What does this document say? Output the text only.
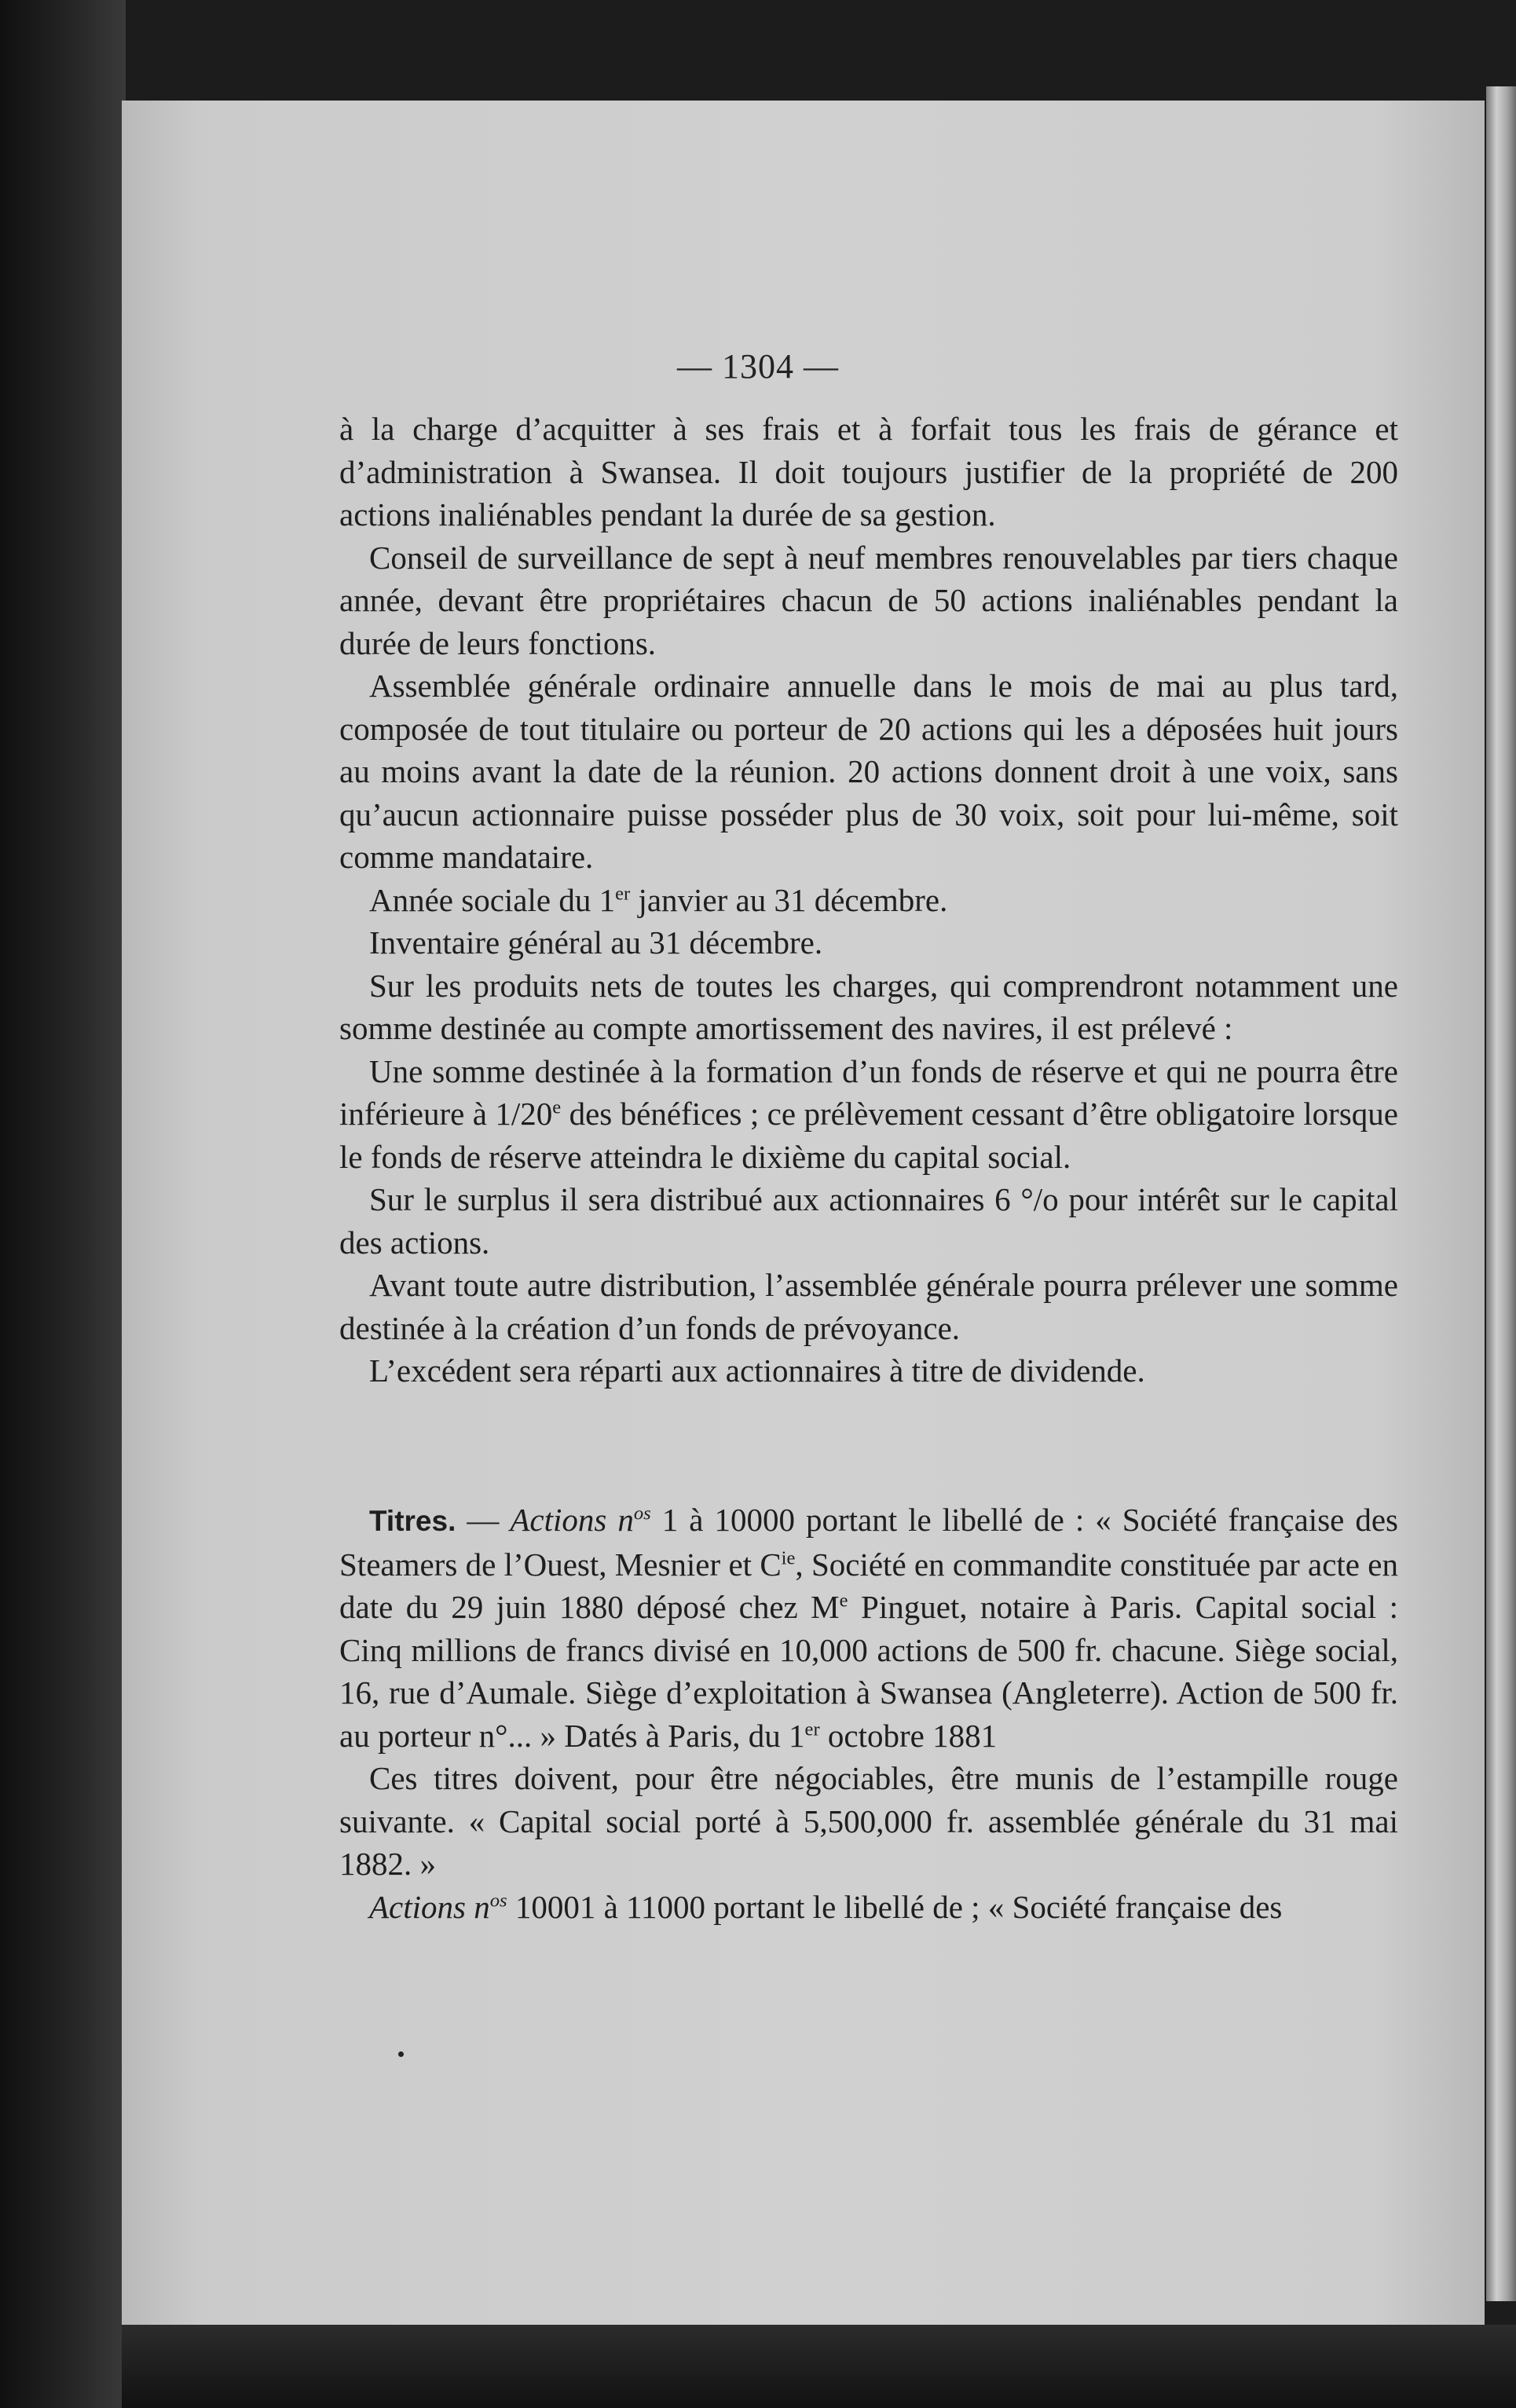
— 1304 —

à la charge d’acquitter à ses frais et à forfait tous les frais de gérance et d’administration à Swansea. Il doit toujours justifier de la propriété de 200 actions inaliénables pendant la durée de sa gestion.

Conseil de surveillance de sept à neuf membres renouvelables par tiers chaque année, devant être propriétaires chacun de 50 actions inaliénables pendant la durée de leurs fonctions.

Assemblée générale ordinaire annuelle dans le mois de mai au plus tard, composée de tout titulaire ou porteur de 20 actions qui les a déposées huit jours au moins avant la date de la réunion. 20 actions donnent droit à une voix, sans qu’aucun actionnaire puisse posséder plus de 30 voix, soit pour lui-même, soit comme mandataire.

Année sociale du 1er janvier au 31 décembre.

Inventaire général au 31 décembre.

Sur les produits nets de toutes les charges, qui comprendront notamment une somme destinée au compte amortissement des navires, il est prélevé :

Une somme destinée à la formation d’un fonds de réserve et qui ne pourra être inférieure à 1/20e des bénéfices ; ce prélèvement cessant d’être obligatoire lorsque le fonds de réserve atteindra le dixième du capital social.

Sur le surplus il sera distribué aux actionnaires 6 °/o pour intérêt sur le capital des actions.

Avant toute autre distribution, l’assemblée générale pourra prélever une somme destinée à la création d’un fonds de prévoyance.

L’excédent sera réparti aux actionnaires à titre de dividende.

Titres. — Actions $n^{os}$ 1 à 10000 portant le libellé de : « Société française des Steamers de l’Ouest, Mesnier et $C^{ie}$, Société en commandite constituée par acte en date du 29 juin 1880 déposé chez Me Pinguet, notaire à Paris. Capital social : Cinq millions de francs divisé en 10,000 actions de 500 fr. chacune. Siège social, 16, rue d’Aumale. Siège d’exploitation à Swansea (Angleterre). Action de 500 fr. au porteur n°... » Datés à Paris, du 1er octobre 1881

Ces titres doivent, pour être négociables, être munis de l’estampille rouge suivante. « Capital social porté à 5,500,000 fr. assemblée générale du 31 mai 1882. »

Actions $n^{os}$ 10001 à 11000 portant le libellé de ; « Société française des
